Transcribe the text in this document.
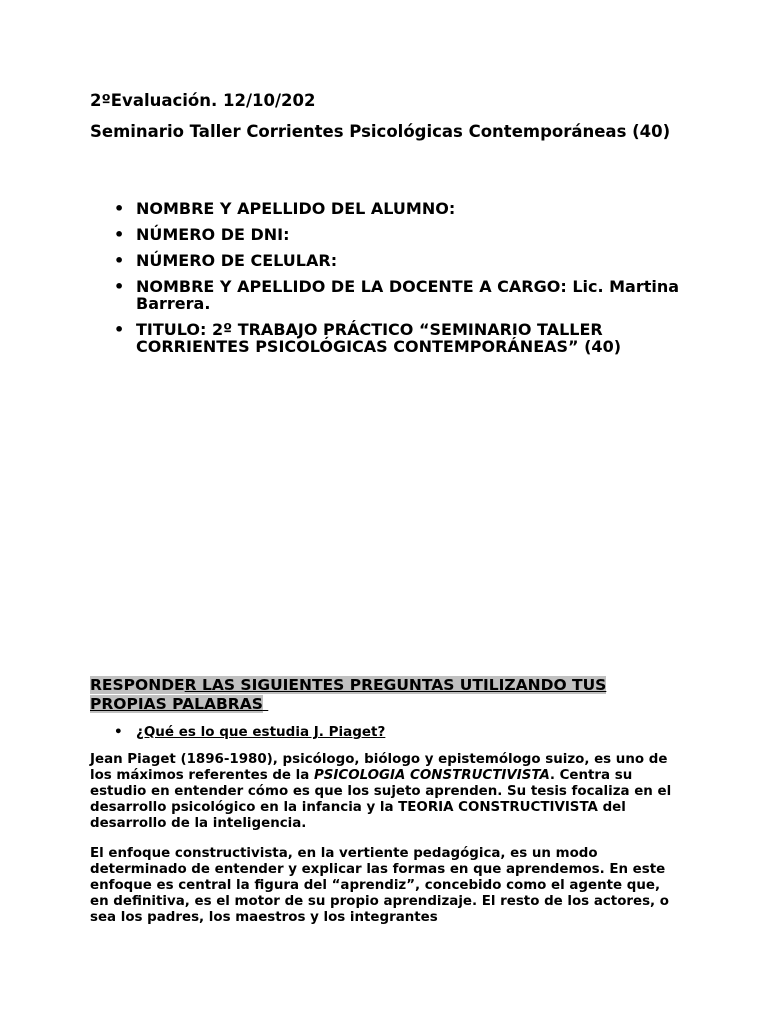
2ºEvaluación. 12/10/202

Seminario Taller Corrientes Psicológicas Contemporáneas (40)

• NOMBRE Y APELLIDO DEL ALUMNO:
• NÚMERO DE DNI:
• NÚMERO DE CELULAR:
• NOMBRE Y APELLIDO DE LA DOCENTE A CARGO: Lic. Martina Barrera.
• TITULO: 2º TRABAJO PRÁCTICO “SEMINARIO TALLER CORRIENTES PSICOLÓGICAS CONTEMPORÁNEAS” (40)

RESPONDER LAS SIGUIENTES PREGUNTAS UTILIZANDO TUS PROPIAS PALABRAS

• ¿Qué es lo que estudia J. Piaget?

Jean Piaget (1896-1980), psicólogo, biólogo y epistemólogo suizo, es uno de los máximos referentes de la PSICOLOGIA CONSTRUCTIVISTA. Centra su estudio en entender cómo es que los sujeto aprenden. Su tesis focaliza en el desarrollo psicológico en la infancia y la TEORIA CONSTRUCTIVISTA del desarrollo de la inteligencia.

El enfoque constructivista, en la vertiente pedagógica, es un modo determinado de entender y explicar las formas en que aprendemos. En este enfoque es central la figura del “aprendiz”, concebido como el agente que, en definitiva, es el motor de su propio aprendizaje. El resto de los actores, o sea los padres, los maestros y los integrantes
